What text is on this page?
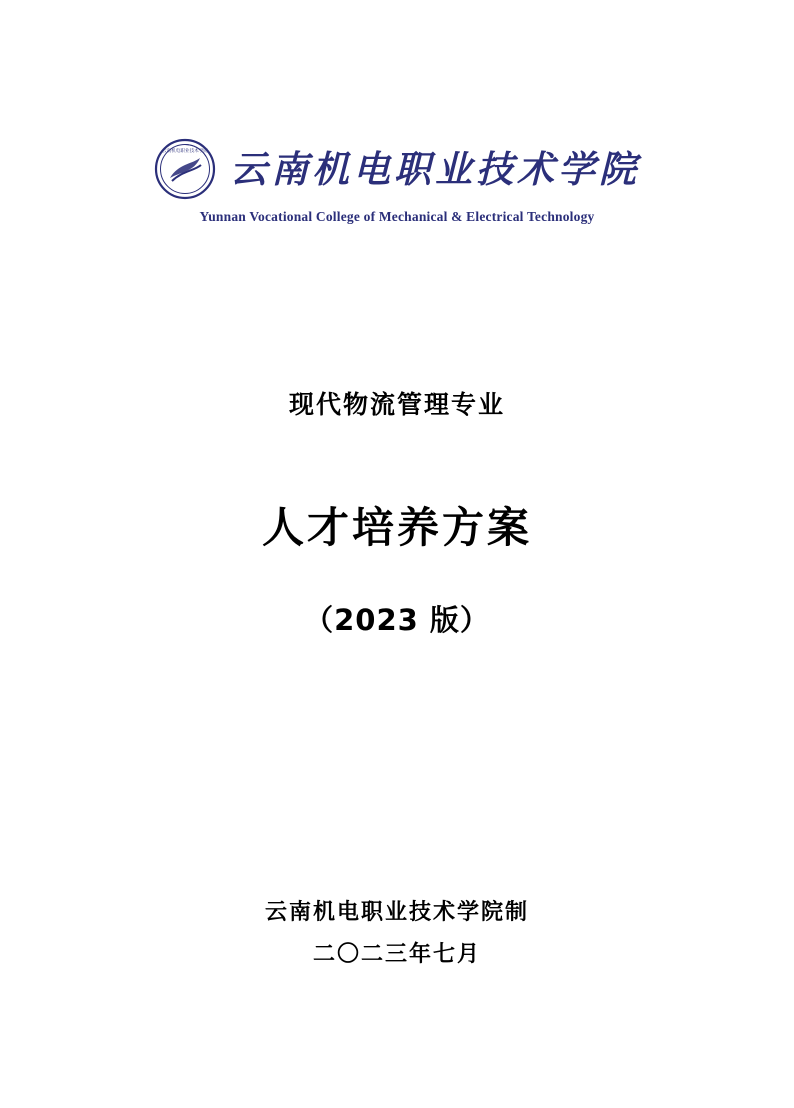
云南机电职业技术学院 云南机电职业技术学院
Yunnan Vocational College of Mechanical & Electrical Technology
现代物流管理专业
人才培养方案
（2023 版）
云南机电职业技术学院制
二〇二三年七月
